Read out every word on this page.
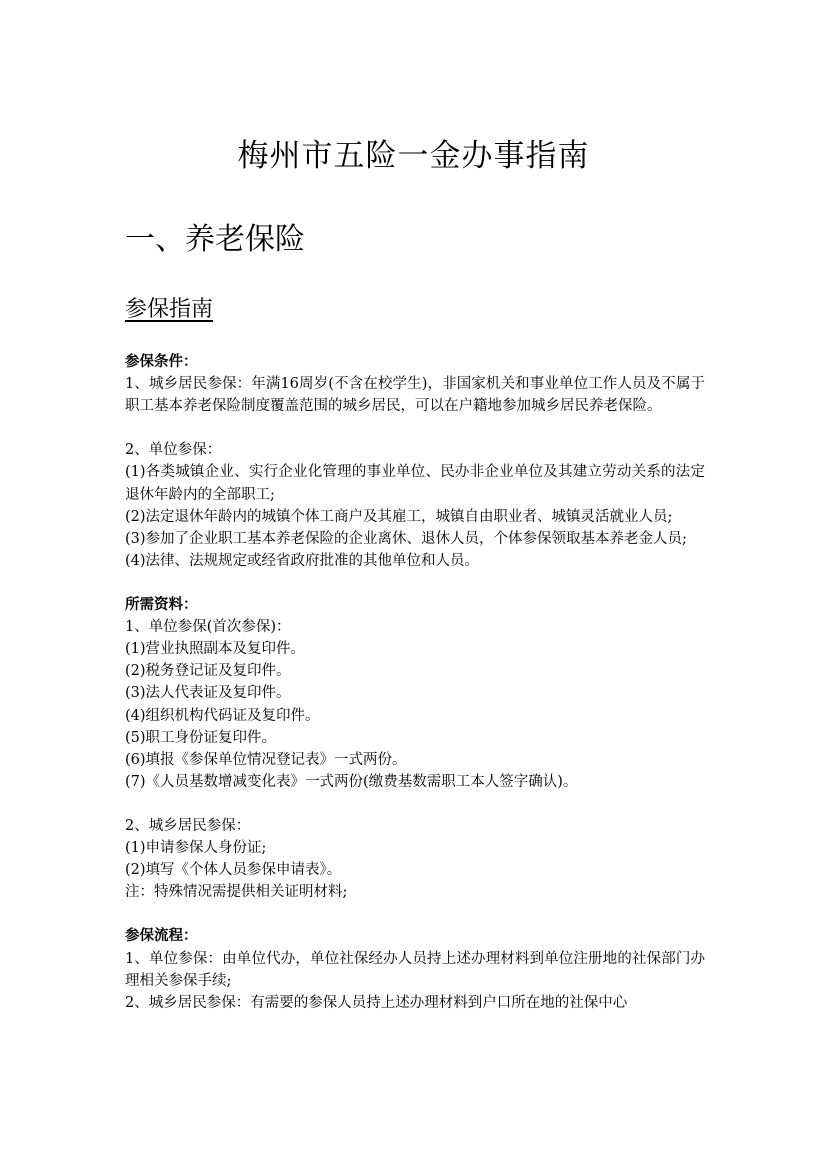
梅州市五险一金办事指南
一、养老保险
参保指南
参保条件：
1、城乡居民参保：年满16周岁(不含在校学生)，非国家机关和事业单位工作人员及不属于职工基本养老保险制度覆盖范围的城乡居民，可以在户籍地参加城乡居民养老保险。
2、单位参保：
(1)各类城镇企业、实行企业化管理的事业单位、民办非企业单位及其建立劳动关系的法定退休年龄内的全部职工;
(2)法定退休年龄内的城镇个体工商户及其雇工，城镇自由职业者、城镇灵活就业人员;
(3)参加了企业职工基本养老保险的企业离休、退休人员，个体参保领取基本养老金人员;
(4)法律、法规规定或经省政府批准的其他单位和人员。
所需资料：
1、单位参保(首次参保)：
(1)营业执照副本及复印件。
(2)税务登记证及复印件。
(3)法人代表证及复印件。
(4)组织机构代码证及复印件。
(5)职工身份证复印件。
(6)填报《参保单位情况登记表》一式两份。
(7)《人员基数增减变化表》一式两份(缴费基数需职工本人签字确认)。
2、城乡居民参保：
(1)申请参保人身份证;
(2)填写《个体人员参保申请表》。
注：特殊情况需提供相关证明材料;
参保流程：
1、单位参保：由单位代办，单位社保经办人员持上述办理材料到单位注册地的社保部门办理相关参保手续;
2、城乡居民参保：有需要的参保人员持上述办理材料到户口所在地的社保中心
